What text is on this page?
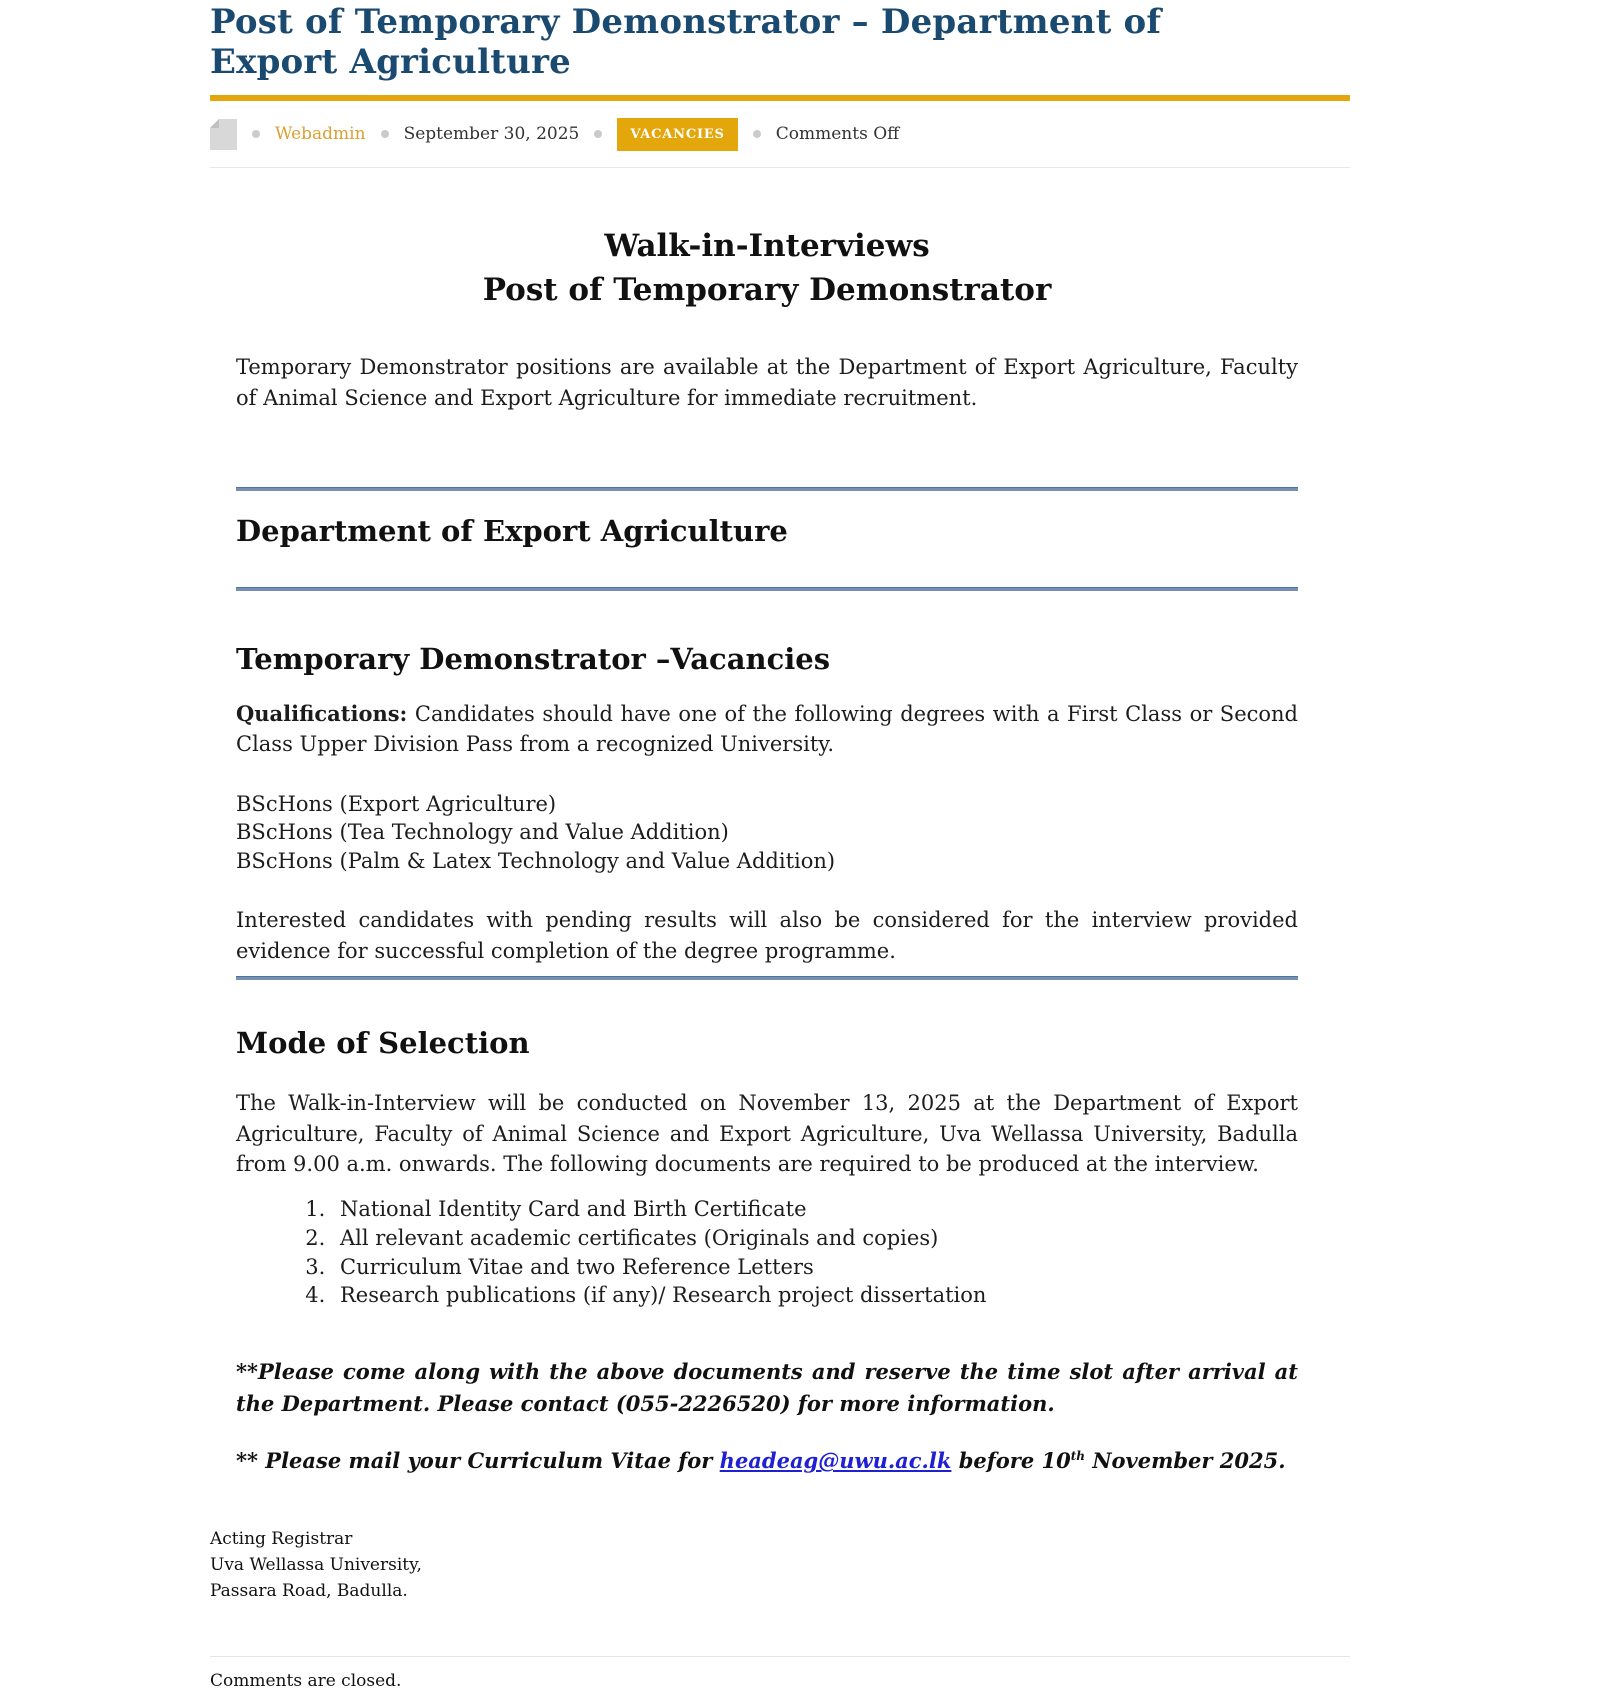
Post of Temporary Demonstrator – Department of Export Agriculture
Webadmin September 30, 2025	VACANCIES	Comments Off
Walk-in-Interviews
Post of Temporary Demonstrator

Temporary Demonstrator positions are available at the Department of Export Agriculture, Faculty of Animal Science and Export Agriculture for immediate recruitment.

Department of Export Agriculture
Temporary Demonstrator –Vacancies

Qualifications: Candidates should have one of the following degrees with a First Class or Second Class Upper Division Pass from a recognized University.

BScHons (Export Agriculture)
BScHons (Tea Technology and Value Addition)
BScHons (Palm & Latex Technology and Value Addition)

Interested candidates with pending results will also be considered for the interview provided evidence for successful completion of the degree programme.

Mode of Selection

The Walk-in-Interview will be conducted on November 13, 2025 at the Department of Export Agriculture, Faculty of Animal Science and Export Agriculture, Uva Wellassa University, Badulla from 9.00 a.m. onwards. The following documents are required to be produced at the interview.

1. National Identity Card and Birth Certificate
2. All relevant academic certificates (Originals and copies)
3. Curriculum Vitae and two Reference Letters
4. Research publications (if any)/ Research project dissertation

**Please come along with the above documents and reserve the time slot after arrival at the Department. Please contact (055-2226520) for more information.

** Please mail your Curriculum Vitae for headeag@uwu.ac.lk before 10th November 2025.

Acting Registrar
Uva Wellassa University,
Passara Road, Badulla.

Comments are closed.
